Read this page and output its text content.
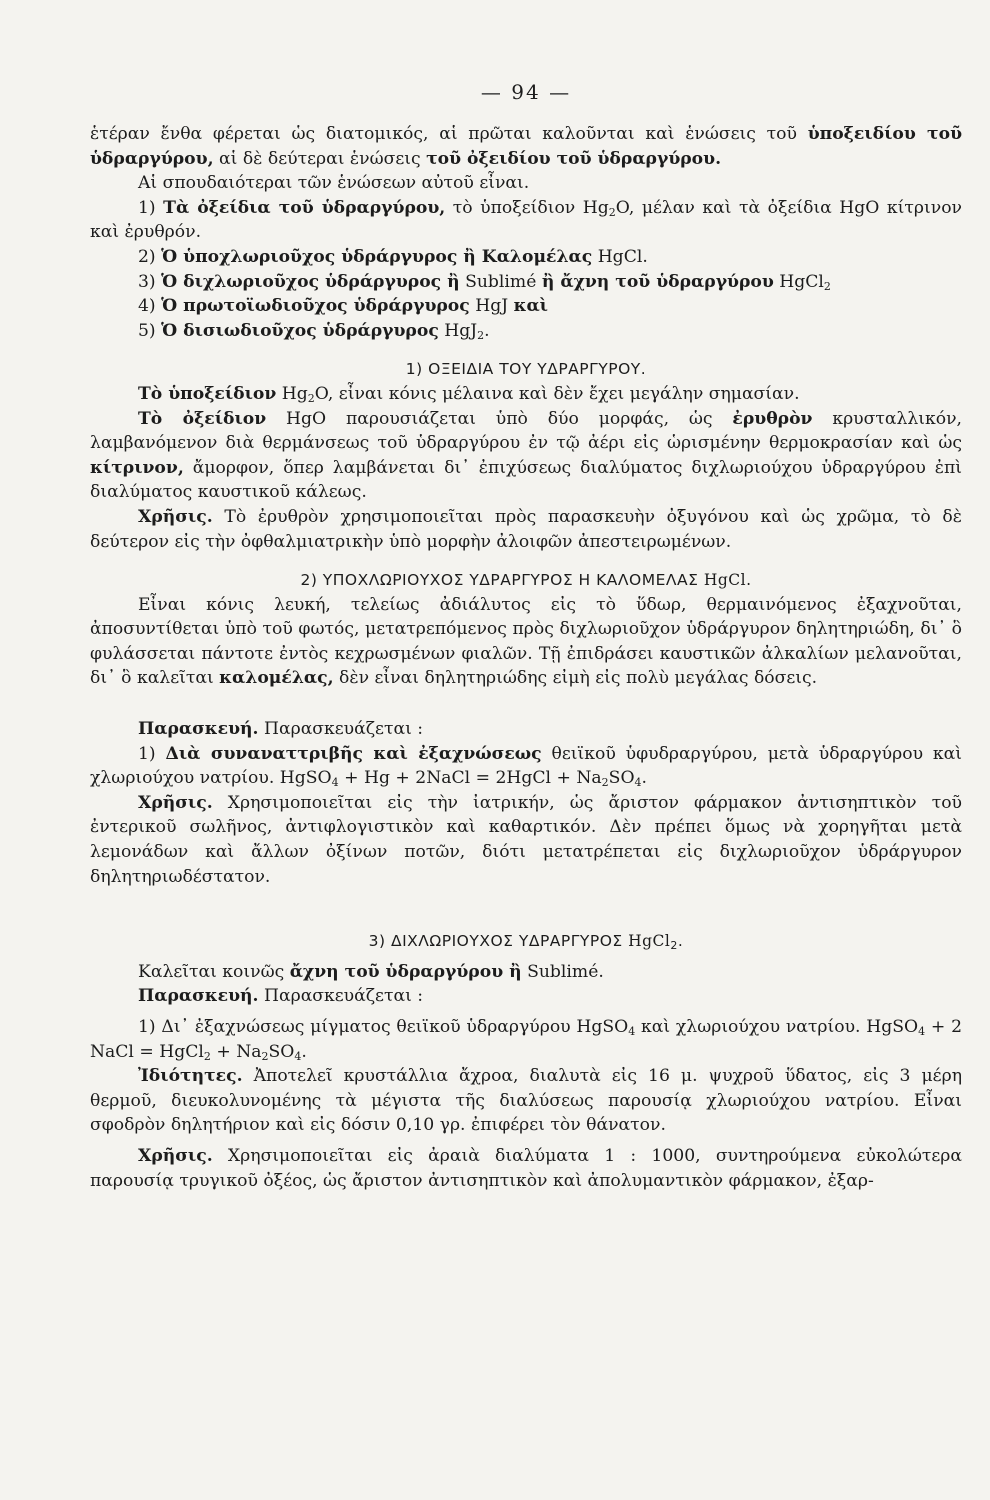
— 94 —

ἑτέραν ἔνθα φέρεται ὡς διατομικός, αἱ πρῶται καλοῦνται καὶ ἑνώσεις τοῦ ὑποξειδίου τοῦ ὑδραργύρου, αἱ δὲ δεύτεραι ἑνώσεις τοῦ ὀξειδίου τοῦ ὑδραργύρου.

Αἱ σπουδαιότεραι τῶν ἑνώσεων αὐτοῦ εἶναι.

1) Τὰ ὀξείδια τοῦ ὑδραργύρου, τὸ ὑποξείδιον $Hg_2O$, μέλαν καὶ τὰ ὀξείδια HgO κίτρινον καὶ ἐρυθρόν.

2) Ὁ ὑποχλωριοῦχος ὑδράργυρος ἢ Καλομέλας HgCl.

3) Ὁ διχλωριοῦχος ὑδράργυρος ἢ Sublimé ἢ ἄχνη τοῦ ὑδραργύρου HgCl$_2$

4) Ὁ πρωτοϊωδιοῦχος ὑδράργυρος HgJ καὶ

5) Ὁ δισιωδιοῦχος ὑδράργυρος HgJ$_2$.

1) ΟΞΕΙΔΙΑ ΤΟΥ ΥΔΡΑΡΓΥΡΟΥ.

Τὸ ὑποξείδιον $Hg_2O$, εἶναι κόνις μέλαινα καὶ δὲν ἔχει μεγάλην σημασίαν.

Τὸ ὀξείδιον HgO παρουσιάζεται ὑπὸ δύο μορφάς, ὡς ἐρυθρὸν κρυσταλλικόν, λαμβανόμενον διὰ θερμάνσεως τοῦ ὑδραργύρου ἐν τῷ ἀέρι εἰς ὡρισμένην θερμοκρασίαν καὶ ὡς κίτρινον, ἄμορφον, ὅπερ λαμβάνεται δι᾽ ἐπιχύσεως διαλύματος διχλωριούχου ὑδραργύρου ἐπὶ διαλύματος καυστικοῦ κάλεως.

Χρῆσις. Τὸ ἐρυθρὸν χρησιμοποιεῖται πρὸς παρασκευὴν ὀξυγόνου καὶ ὡς χρῶμα, τὸ δὲ δεύτερον εἰς τὴν ὀφθαλμιατρικὴν ὑπὸ μορφὴν ἀλοιφῶν ἀπεστειρωμένων.

2) ΥΠΟΧΛΩΡΙΟΥΧΟΣ ΥΔΡΑΡΓΥΡΟΣ Η ΚΑΛΟΜΕΛΑΣ HgCl.

Εἶναι κόνις λευκή, τελείως ἀδιάλυτος εἰς τὸ ὕδωρ, θερμαινόμενος ἐξαχνοῦται, ἀποσυντίθεται ὑπὸ τοῦ φωτός, μετατρεπόμενος πρὸς διχλωριοῦχον ὑδράργυρον δηλητηριώδη, δι᾽ ὃ φυλάσσεται πάντοτε ἐντὸς κεχρωσμένων φιαλῶν. Τῇ ἐπιδράσει καυστικῶν ἀλκαλίων μελανοῦται, δι᾽ ὃ καλεῖται καλομέλας, δὲν εἶναι δηλητηριώδης εἰμὴ εἰς πολὺ μεγάλας δόσεις.

Παρασκευή. Παρασκευάζεται :

1) Διὰ συναναττριβῆς καὶ ἐξαχνώσεως θειϊκοῦ ὑφυδραργύρου, μετὰ ὑδραργύρου καὶ χλωριούχου νατρίου. HgSO$_4$ + Hg + 2NaCl = 2HgCl + $Na_2SO_4$.

Χρῆσις. Χρησιμοποιεῖται εἰς τὴν ἰατρικήν, ὡς ἄριστον φάρμακον ἀντισηπτικὸν τοῦ ἐντερικοῦ σωλῆνος, ἀντιφλογιστικὸν καὶ καθαρτικόν. Δὲν πρέπει ὅμως νὰ χορηγῆται μετὰ λεμονάδων καὶ ἄλλων ὀξίνων ποτῶν, διότι μετατρέπεται εἰς διχλωριοῦχον ὑδράργυρον δηλητηριωδέστατον.

3) ΔΙΧΛΩΡΙΟΥΧΟΣ ΥΔΡΑΡΓΥΡΟΣ HgCl$_2$.

Καλεῖται κοινῶς ἄχνη τοῦ ὑδραργύρου ἢ Sublimé.

Παρασκευή. Παρασκευάζεται :

1) Δι᾽ ἐξαχνώσεως μίγματος θειϊκοῦ ὑδραργύρου HgSO$_4$ καὶ χλωριούχου νατρίου. HgSO$_4$ + 2 NaCl = HgCl$_2$ + $Na_2SO_4$.

Ἰδιότητες. Ἀποτελεῖ κρυστάλλια ἄχροα, διαλυτὰ εἰς 16 μ. ψυχροῦ ὕδατος, εἰς 3 μέρη θερμοῦ, διευκολυνομένης τὰ μέγιστα τῆς διαλύσεως παρουσίᾳ χλωριούχου νατρίου. Εἶναι σφοδρὸν δηλητήριον καὶ εἰς δόσιν 0,10 γρ. ἐπιφέρει τὸν θάνατον.

Χρῆσις. Χρησιμοποιεῖται εἰς ἀραιὰ διαλύματα 1 : 1000, συντηρούμενα εὐκολώτερα παρουσίᾳ τρυγικοῦ ὀξέος, ὡς ἄριστον ἀντισηπτικὸν καὶ ἀπολυμαντικὸν φάρμακον, ἐξαρ-
